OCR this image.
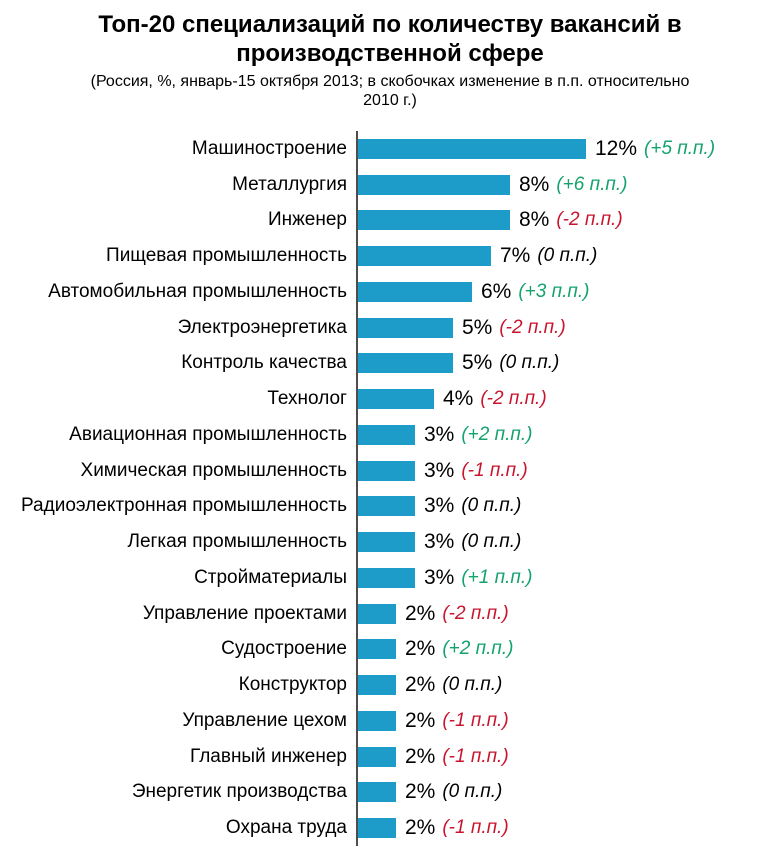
Топ-20 специализаций по количеству вакансий в производственной сфере
(Россия, %, январь-15 октября 2013; в скобочках изменение в п.п. относительно 2010 г.)
Машиностроение	12% (+5 п.п.)
Металлургия	8% (+6 п.п.)
Инженер	8% (-2 п.п.)
Пищевая промышленность	7% (0 п.п.)
Автомобильная промышленность	6% (+3 п.п.)
Электроэнергетика	5% (-2 п.п.)
Контроль качества	5% (0 п.п.)
Технолог	4% (-2 п.п.)
Авиационная промышленность	3% (+2 п.п.)
Химическая промышленность	3% (-1 п.п.)
Радиоэлектронная промышленность	3% (0 п.п.)
Легкая промышленность	3% (0 п.п.)
Стройматериалы	3% (+1 п.п.)
Управление проектами	2% (-2 п.п.)
Судостроение	2% (+2 п.п.)
Конструктор	2% (0 п.п.)
Управление цехом	2% (-1 п.п.)
Главный инженер	2% (-1 п.п.)
Энергетик производства	2% (0 п.п.)
Охрана труда	2% (-1 п.п.)
